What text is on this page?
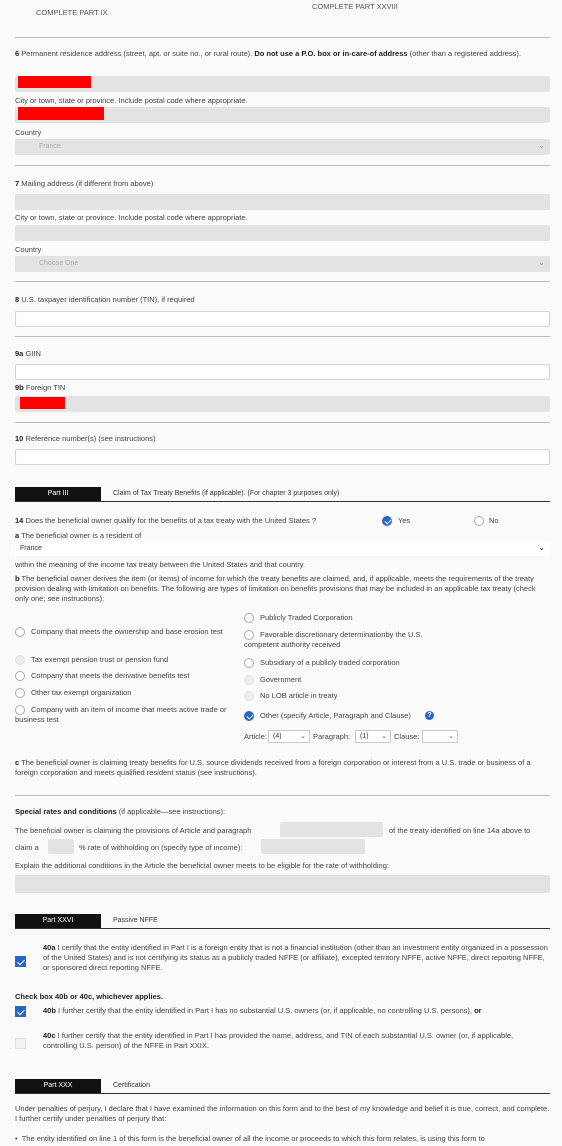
COMPLETE PART IX
COMPLETE PART XXVIII
6 Permanent residence address (street, apt. or suite no., or rural route). Do not use a P.O. box or in-care-of address (other than a registered address).
City or town, state or province. Include postal code where appropriate.
Country
France	⌄
7 Mailing address (if different from above)
City or town, state or province. Include postal code where appropriate.
Country
Choose One	⌄
8 U.S. taxpayer identification number (TIN), if required
9a GIIN
9b Foreign TIN
10 Reference number(s) (see instructions)
Part III	Claim of Tax Treaty Benefits (if applicable). (For chapter 3 purposes only)
14 Does the beneficial owner qualify for the benefits of a tax treaty with the United States ?	Yes	No
a The beneficial owner is a resident of
France	⌄
within the meaning of the income tax treaty between the United States and that country.
b The beneficial owner derives the item (or items) of income for which the treaty benefits are claimed, and, if applicable, meets the requirements of the treaty provision dealing with limitation on benefits. The following are types of limitation on benefits provisions that may be included in an applicable tax treaty (check only one; see instructions):
Publicly Traded Corporation
Company that meets the ownership and base erosion test	Favorable discretionary determinationby the U.S. competent authority received
Tax exempt pension trust or pension fund	Subsidiary of a publicly traded corporation
Company that meets the derivative benefits test	Government
Other tax exempt organization	No LOB article in treaty
Company with an item of income that meets active trade or business test	Other (specify Article, Paragraph and Clause)	?
Article: (4)	⌄ Paragraph:	(1) ⌄ Clause:	⌄
c The beneficial owner is claiming treaty benefits for U.S. source dividends received from a foreign corporation or interest from a U.S. trade or business of a foreign corporation and meets qualified resident status (see instructions).
Special rates and conditions (if applicable—see instructions):
The beneficial owner is claiming the provisions of Article and paragraph	of the treaty identified on line 14a above to
claim a	% rate of withholding on (specify type of income):
Explain the additional conditions in the Article the beneficial owner meets to be eligible for the rate of withholding:
Part XXVI	Passive NFFE
40a I certify that the entity identified in Part I is a foreign entity that is not a financial institution (other than an investment entity organized in a possession of the United States) and is not certifying its status as a publicly traded NFFE (or affiliate), excepted territory NFFE, active NFFE, direct reporting NFFE, or sponsored direct reporting NFFE.
Check box 40b or 40c, whichever applies.
40b I further certify that the entity identified in Part I has no substantial U.S. owners (or, if applicable, no controlling U.S. persons), or
40c I further certify that the entity identified in Part I has provided the name, address, and TIN of each substantial U.S. owner (or, if applicable, controlling U.S. person) of the NFFE in Part XXIX.
Part XXX	Certification
Under penalties of perjury, I declare that I have examined the information on this form and to the best of my knowledge and belief it is true, correct, and complete. I further certify under penalties of perjury that:
• The entity identified on line 1 of this form is the beneficial owner of all the income or proceeds to which this form relates, is using this form to
